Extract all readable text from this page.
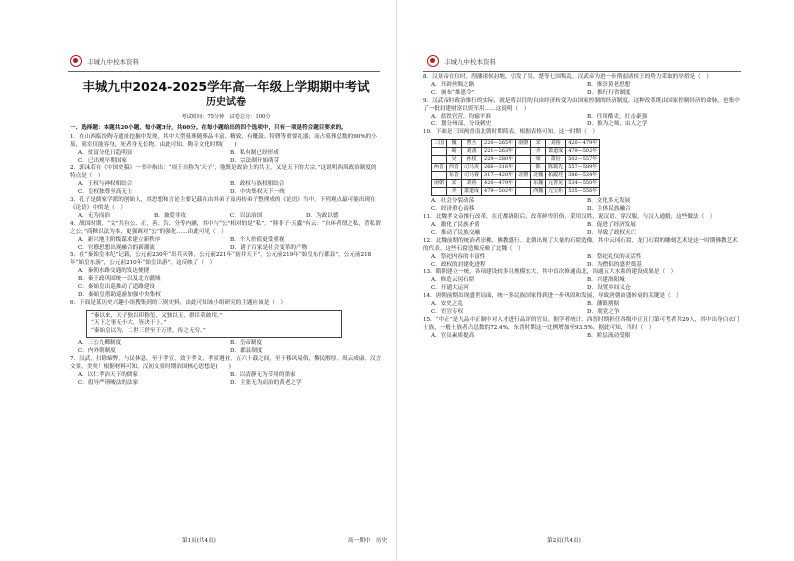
丰城九中校本资料
丰城九中2024-2025学年高一年级上学期期中考试
历史试卷
考试时间：75分钟　试卷总分：100分
一、选择题：本题共20小题，每小题3分，共60分。在每小题给出的四个选项中，只有一项是符合题目要求的。
1．在山西临汾陶寺遗址挖掘中发现，其中大型墓葬随葬品丰富、精致，有鼍鼓、特磬等重要礼器；而占墓葬总数的90%的小墓，墓室仅能容身，死者身无长物。由此可知，陶寺文化时期(　　)
A．贫富分化日趋明显	B．私有制已经形成
C．已出现早期国家	D．宗法制开始萌芽
2．郭沫若在《中国史稿》一书中指出：“周王自称为‘天子’，他既是政治上的共主，又是天下的大宗。”这说明西周政治制度的特点是（　）
A．王权与神权相结合	B．政权与族权相结合
C．皇权独尊至高无上	D．中央集权天下一统
3．孔子是儒家学派的创始人，其思想和言论主要记载在由其弟子及再传弟子整理成的《论语》当中。下列观点最可能出现在《论语》中的是（　）
A．无为而治	B．兼爱非攻	C．以法治国	D．为政以德
4．战国时期，“文”共有公、正、善、告、分等内涵，其中与“公”相对的是“私”，“韩非子·五蠹”有云：“自环者谓之私，背私谓之公。”商鞅以法为本，更强调对“公”的强化……由此可见（　）
A．新兴地主阶级谋求建立新秩序	B．个人价值更受重视
C．官僚思想出现融合的新潮流	D．诸子百家是社会变革的产物
5．在“秦始皇本纪”记载，公元前230年“出兵灭韩，公元前221年“初并天下”，公元前219年“始皇东行郡县”，公元前218年“始皇东游”，公元前210年“始皇出游”，这反映了（　）
A．秦朝水路交通的发达便捷
B．秦王政巩固统一以及北方疆域
C．秦始皇出巡推动了道路建设
D．秦始皇借助巡游加强中央集权
6．下面是某历史兴趣小组搜集到的三则史料，由此可知该小组研究的主题应该是（　）
“秦以来，天子独以印称玺，又独以玉，群臣莫敢用。”
“天下之事无小大，皆决于上。”
“秦始皇以为，二世三世至于万世，传之无穷。”
A．三公九卿制度	B．皇帝制度
C．内外朝制度	D．郡县制度
7．汉武，扫除痼弊，与民休息。至于孝宣，效于孝文，孝景遵业，五六十载之间，至于移风易俗，黎民醇厚。周云成康，汉言文景，美矣！根据材料可知，汉初文景时期治国核心思想是(　　)
A．以仁孝治天下的儒家	B．以清静无为节用的墨家
C．倡导严刑峻法的法家	D．主张无为而治的黄老之学
第1页(共4页)	高一期中　历史
丰城九中校本资料
8．汉景帝在位时，削藩诸侯封地，引发了吴、楚等七国叛乱。汉武帝为进一步削弱诸侯王的势力采取的举措是（　）
A．开辟丝绸之路	B．推崇黄老思想
C．颁布“推恩令”	D．推行行省制度
9．汉武帝时政治推行的实际，就是将以往的自由经济转变为由国家控制的经济制度。这种改革既由国家控制经济的命脉，也集中了一批封建财富以资军用……这说明（　）
A．盐铁官营，均输平准	B．任用酷吏，打击豪强
C．划分州部，分设刺史	D．推为之师，由人之学
10．下面是三国两晋南北朝时期简表，根据表格可知，这一时期（　）
三国	魏	曹丕	220—265年	南朝	宋	刘裕	420—479年
	蜀	刘备	221—263年		齐	萧道成	479—502年
	吴	孙权	229—280年		梁	萧衍	502—557年
两晋	西晋	司马炎	266—316年		陈	陈霸先	557—589年
	东晋	司马睿	317—420年	北朝	北魏	拓跋珪	386—534年
南朝	宋	刘裕	420—479年		东魏	元善见	534—550年
	齐	萧道成	479—502年		西魏	元宝炬	535—556年
A．社会分裂动荡	B．文化多元发展
C．经济重心南移	D．主体民族融合
11．北魏孝文帝推行改革，在迁都洛阳后，改革鲜卑旧俗，采用汉姓、说汉语、穿汉服，与汉人通婚，这些做法（　）
A．激化了民族矛盾	B．促进了经济发展
C．推动了民族交融	D．导致了政权灭亡
12．北魏前期的统治者崇佛，佛教盛行。北朝出现了大量的石窟造像。其中云冈石窟、龙门石窟的雕刻艺术是这一时期佛教艺术的代表。这些石窟造像反映了北魏（　）
A．祭祀内容的丰富性	B．祭祀礼仪的灵活性
C．政权的封建化进程	D．为僧侣的盛世奠基
13．隋朝建立一统，各项建设较多且规模宏大，其中首次修通南北，沟通五大水系的建设成果是（　）
A．修造云冈石窟	B．兴建洛阳城
C．开通大运河	D．设置乡间义仓
14．唐朝前期出现盛世局面，统一多民族国家得到进一步巩固和发展，导致唐朝由盛转衰的关键是（　）
A．安史之乱	B．藩镇割据
C．宦官专权	D．朋党之争
15．“中正”是九品中正制中对人才进行品评的官员。据学者统计，西晋时期担任各级中正且门第可考者共29人，其中出身白衣门士族，一般士族者占总数的72.4%，东晋时期这一比例增加至93.5%。据此可知，当时（　）
A．官员素质提高	B．阶层流动受限
第2页(共4页)
